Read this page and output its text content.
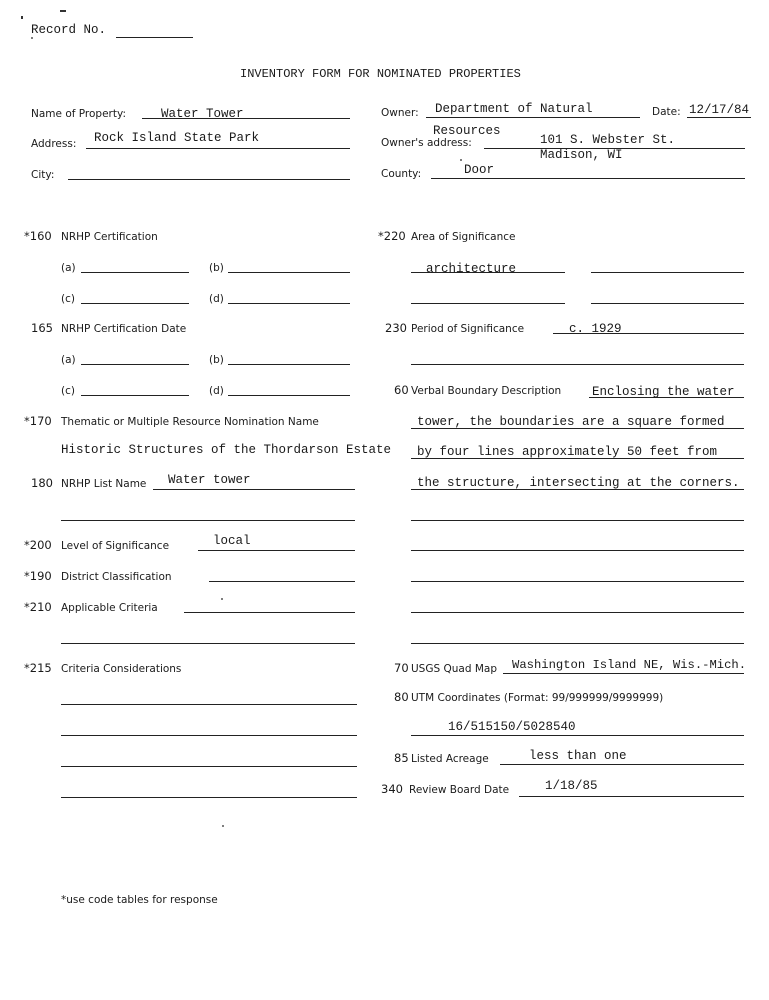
Record No.
INVENTORY FORM FOR NOMINATED PROPERTIES
Name of Property:	Water Tower
Address: Rock Island State Park
City:
Owner: Department of Natural
Resources
Date: 12/17/84
Owner's address:	101 S. Webster St.
Madison, WI
County:	Door
*160 NRHP Certification
(a)	(b)
(c)	(d)
165 NRHP Certification Date
(a)	(b)
(c)	(d)
*170 Thematic or Multiple Resource Nomination Name
Historic Structures of the Thordarson Estate
180 NRHP List Name Water tower
*200 Level of Significance	local
*190 District Classification
*210 Applicable Criteria
*215 Criteria Considerations
*220 Area of Significance
architecture
230 Period of Significance	c. 1929
60 Verbal Boundary Description Enclosing the water
tower, the boundaries are a square formed
by four lines approximately 50 feet from
the structure, intersecting at the corners.
70 USGS Quad Map Washington Island NE, Wis.-Mich.
80 UTM Coordinates (Format: 99/999999/9999999)
16/515150/5028540
85 Listed Acreage	less than one
340 Review Board Date	1/18/85
*use code tables for response
